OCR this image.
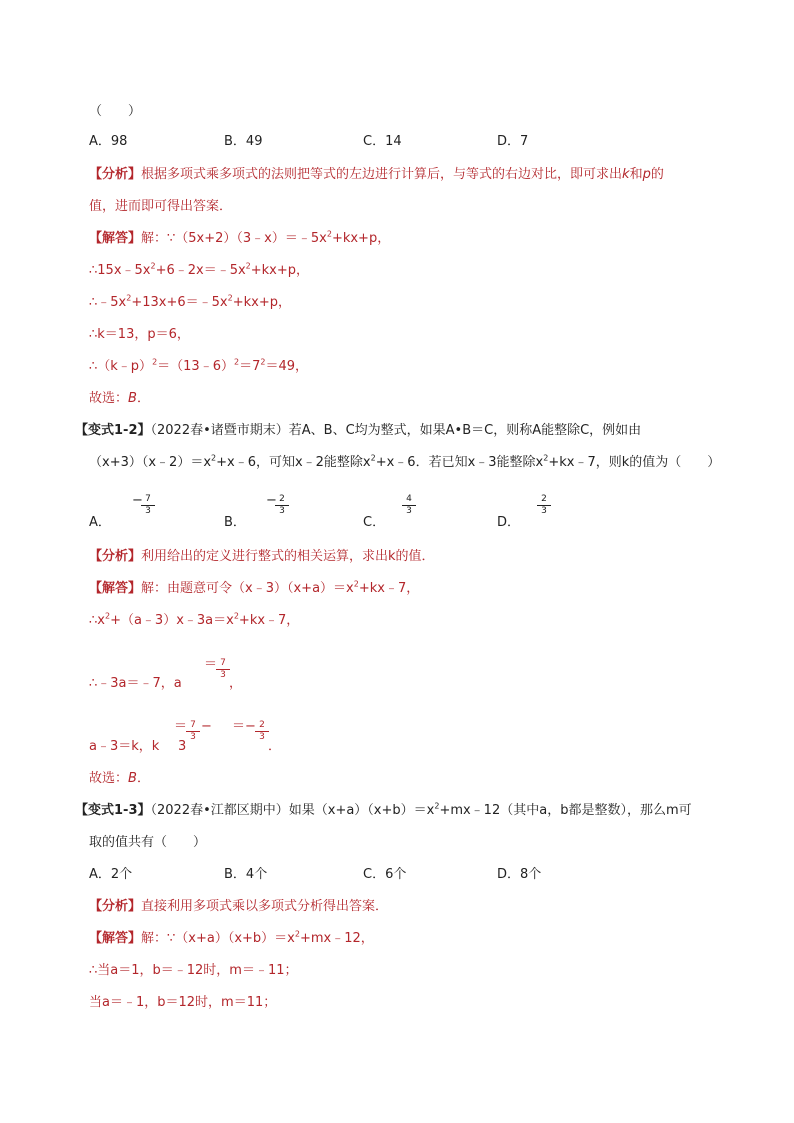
（　　）
A．98	B．49	C．14	D．7
【分析】根据多项式乘多项式的法则把等式的左边进行计算后，与等式的右边对比，即可求出k和p的
值，进而即可得出答案．
【解答】解：$\because(5x+2)(3﹣x)=﹣5x^2+kx+p$，
$\therefore 15x﹣5x^2+6﹣2x=﹣5x^2+kx+p$，
$\therefore﹣5x^2+13x+6=﹣5x^2+kx+p$，
∴k＝13，p＝6，
$\therefore(k﹣p)^2=(13﹣6)^2=7^2=49$，
故选：B．
【变式1-2】（2022春•诸暨市期末）若A、B、C均为整式，如果A•B＝C，则称A能整除C，例如由
$(x+3)(x﹣2)=x^2+x﹣6$，可知x﹣2能整除$x^2+x﹣6$．若已知x﹣3能整除$x^2+kx﹣7$，则k的值为（　　）
A．
− 7
3
B．
− 2
3
C．
4
3
D．
2
3
【分析】利用给出的定义进行整式的相关运算，求出k的值．
【解答】解：由题意可令$(x﹣3)(x+a)=x^2+kx﹣7$，
$\therefore x^2+(a﹣3)x﹣3a=x^2+kx﹣7$，
∴﹣3a＝﹣7，a
＝ 7
3
，
a﹣3＝k，k
＝ 7
3
−
3
＝− 2
3
．
故选：B．
【变式1-3】（2022春•江都区期中）如果$(x+a)(x+b)=x^2+mx﹣12$（其中a，b都是整数），那么m可
取的值共有（　　）
A．2个	B．4个	C．6个	D．8个
【分析】直接利用多项式乘以多项式分析得出答案．
【解答】解：$\because(x+a)(x+b)=x^2+mx﹣12$，
∴当a＝1，b＝﹣12时，m＝﹣11；
当a＝﹣1，b＝12时，m＝11；
